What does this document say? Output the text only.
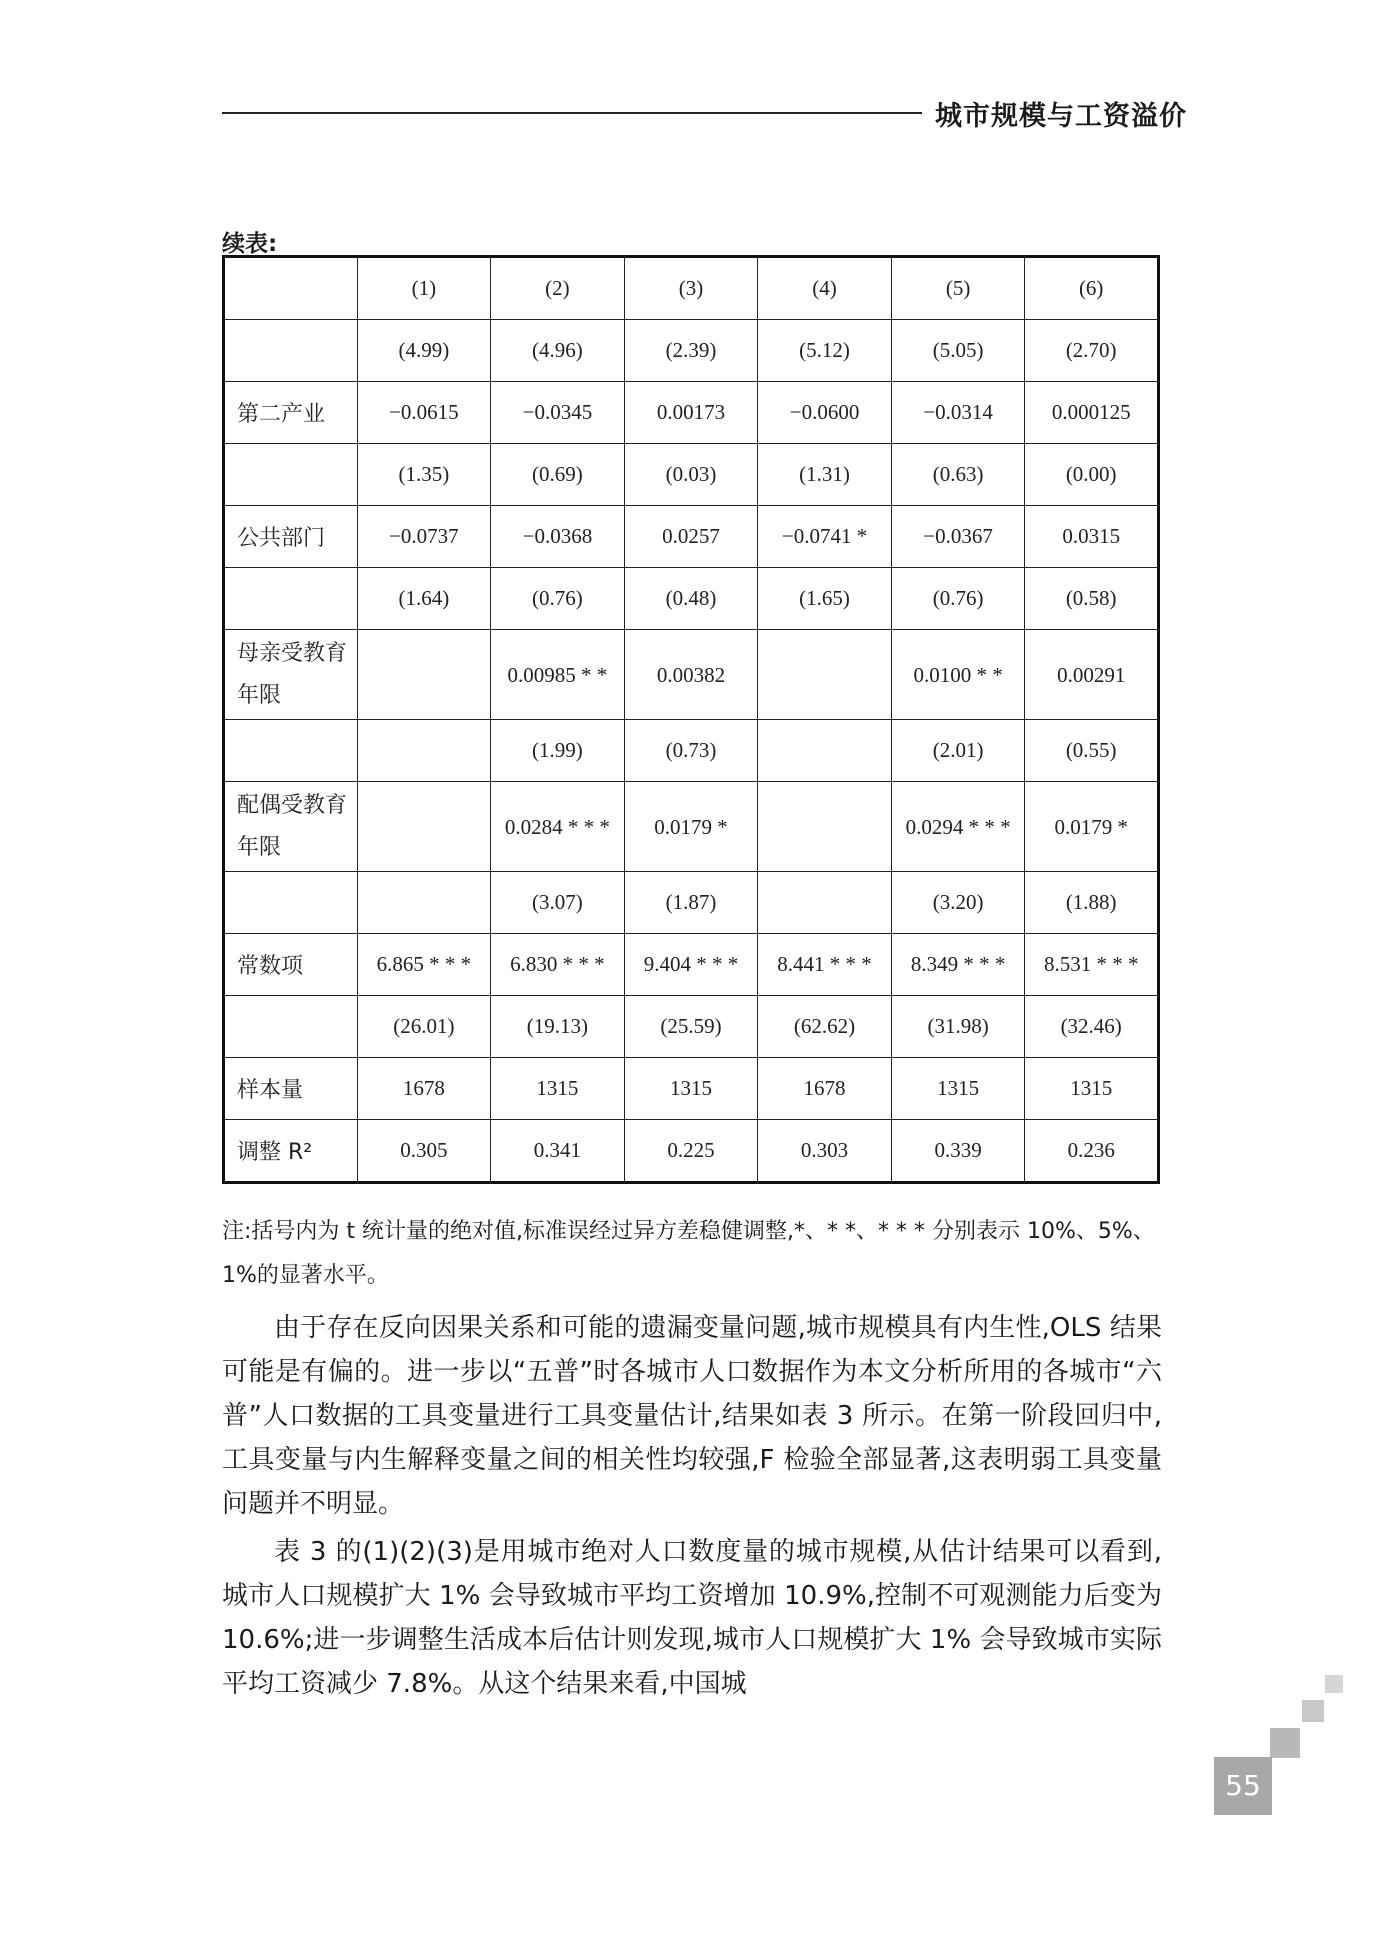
城市规模与工资溢价
续表:
	(1)	(2)	(3)	(4)	(5)	(6)
	(4.99)	(4.96)	(2.39)	(5.12)	(5.05)	(2.70)
第二产业	−0.0615	−0.0345	0.00173	−0.0600	−0.0314	0.000125
	(1.35)	(0.69)	(0.03)	(1.31)	(0.63)	(0.00)
公共部门	−0.0737	−0.0368	0.0257	−0.0741 *	−0.0367	0.0315
	(1.64)	(0.76)	(0.48)	(1.65)	(0.76)	(0.58)
母亲受教育年限		0.00985 * *	0.00382		0.0100 * *	0.00291
		(1.99)	(0.73)		(2.01)	(0.55)
配偶受教育年限		0.0284 * * *	0.0179 *		0.0294 * * *	0.0179 *
		(3.07)	(1.87)		(3.20)	(1.88)
常数项	6.865 * * *	6.830 * * *	9.404 * * *	8.441 * * *	8.349 * * *	8.531 * * *
	(26.01)	(19.13)	(25.59)	(62.62)	(31.98)	(32.46)
样本量	1678	1315	1315	1678	1315	1315
调整 R²	0.305	0.341	0.225	0.303	0.339	0.236
注:括号内为 t 统计量的绝对值,标准误经过异方差稳健调整,*、* *、* * * 分别表示 10%、5%、1%的显著水平。
由于存在反向因果关系和可能的遗漏变量问题,城市规模具有内生性,OLS 结果可能是有偏的。进一步以“五普”时各城市人口数据作为本文分析所用的各城市“六普”人口数据的工具变量进行工具变量估计,结果如表 3 所示。在第一阶段回归中,工具变量与内生解释变量之间的相关性均较强,F 检验全部显著,这表明弱工具变量问题并不明显。
表 3 的(1)(2)(3)是用城市绝对人口数度量的城市规模,从估计结果可以看到,城市人口规模扩大 1% 会导致城市平均工资增加 10.9%,控制不可观测能力后变为 10.6%;进一步调整生活成本后估计则发现,城市人口规模扩大 1% 会导致城市实际平均工资减少 7.8%。从这个结果来看,中国城
55
